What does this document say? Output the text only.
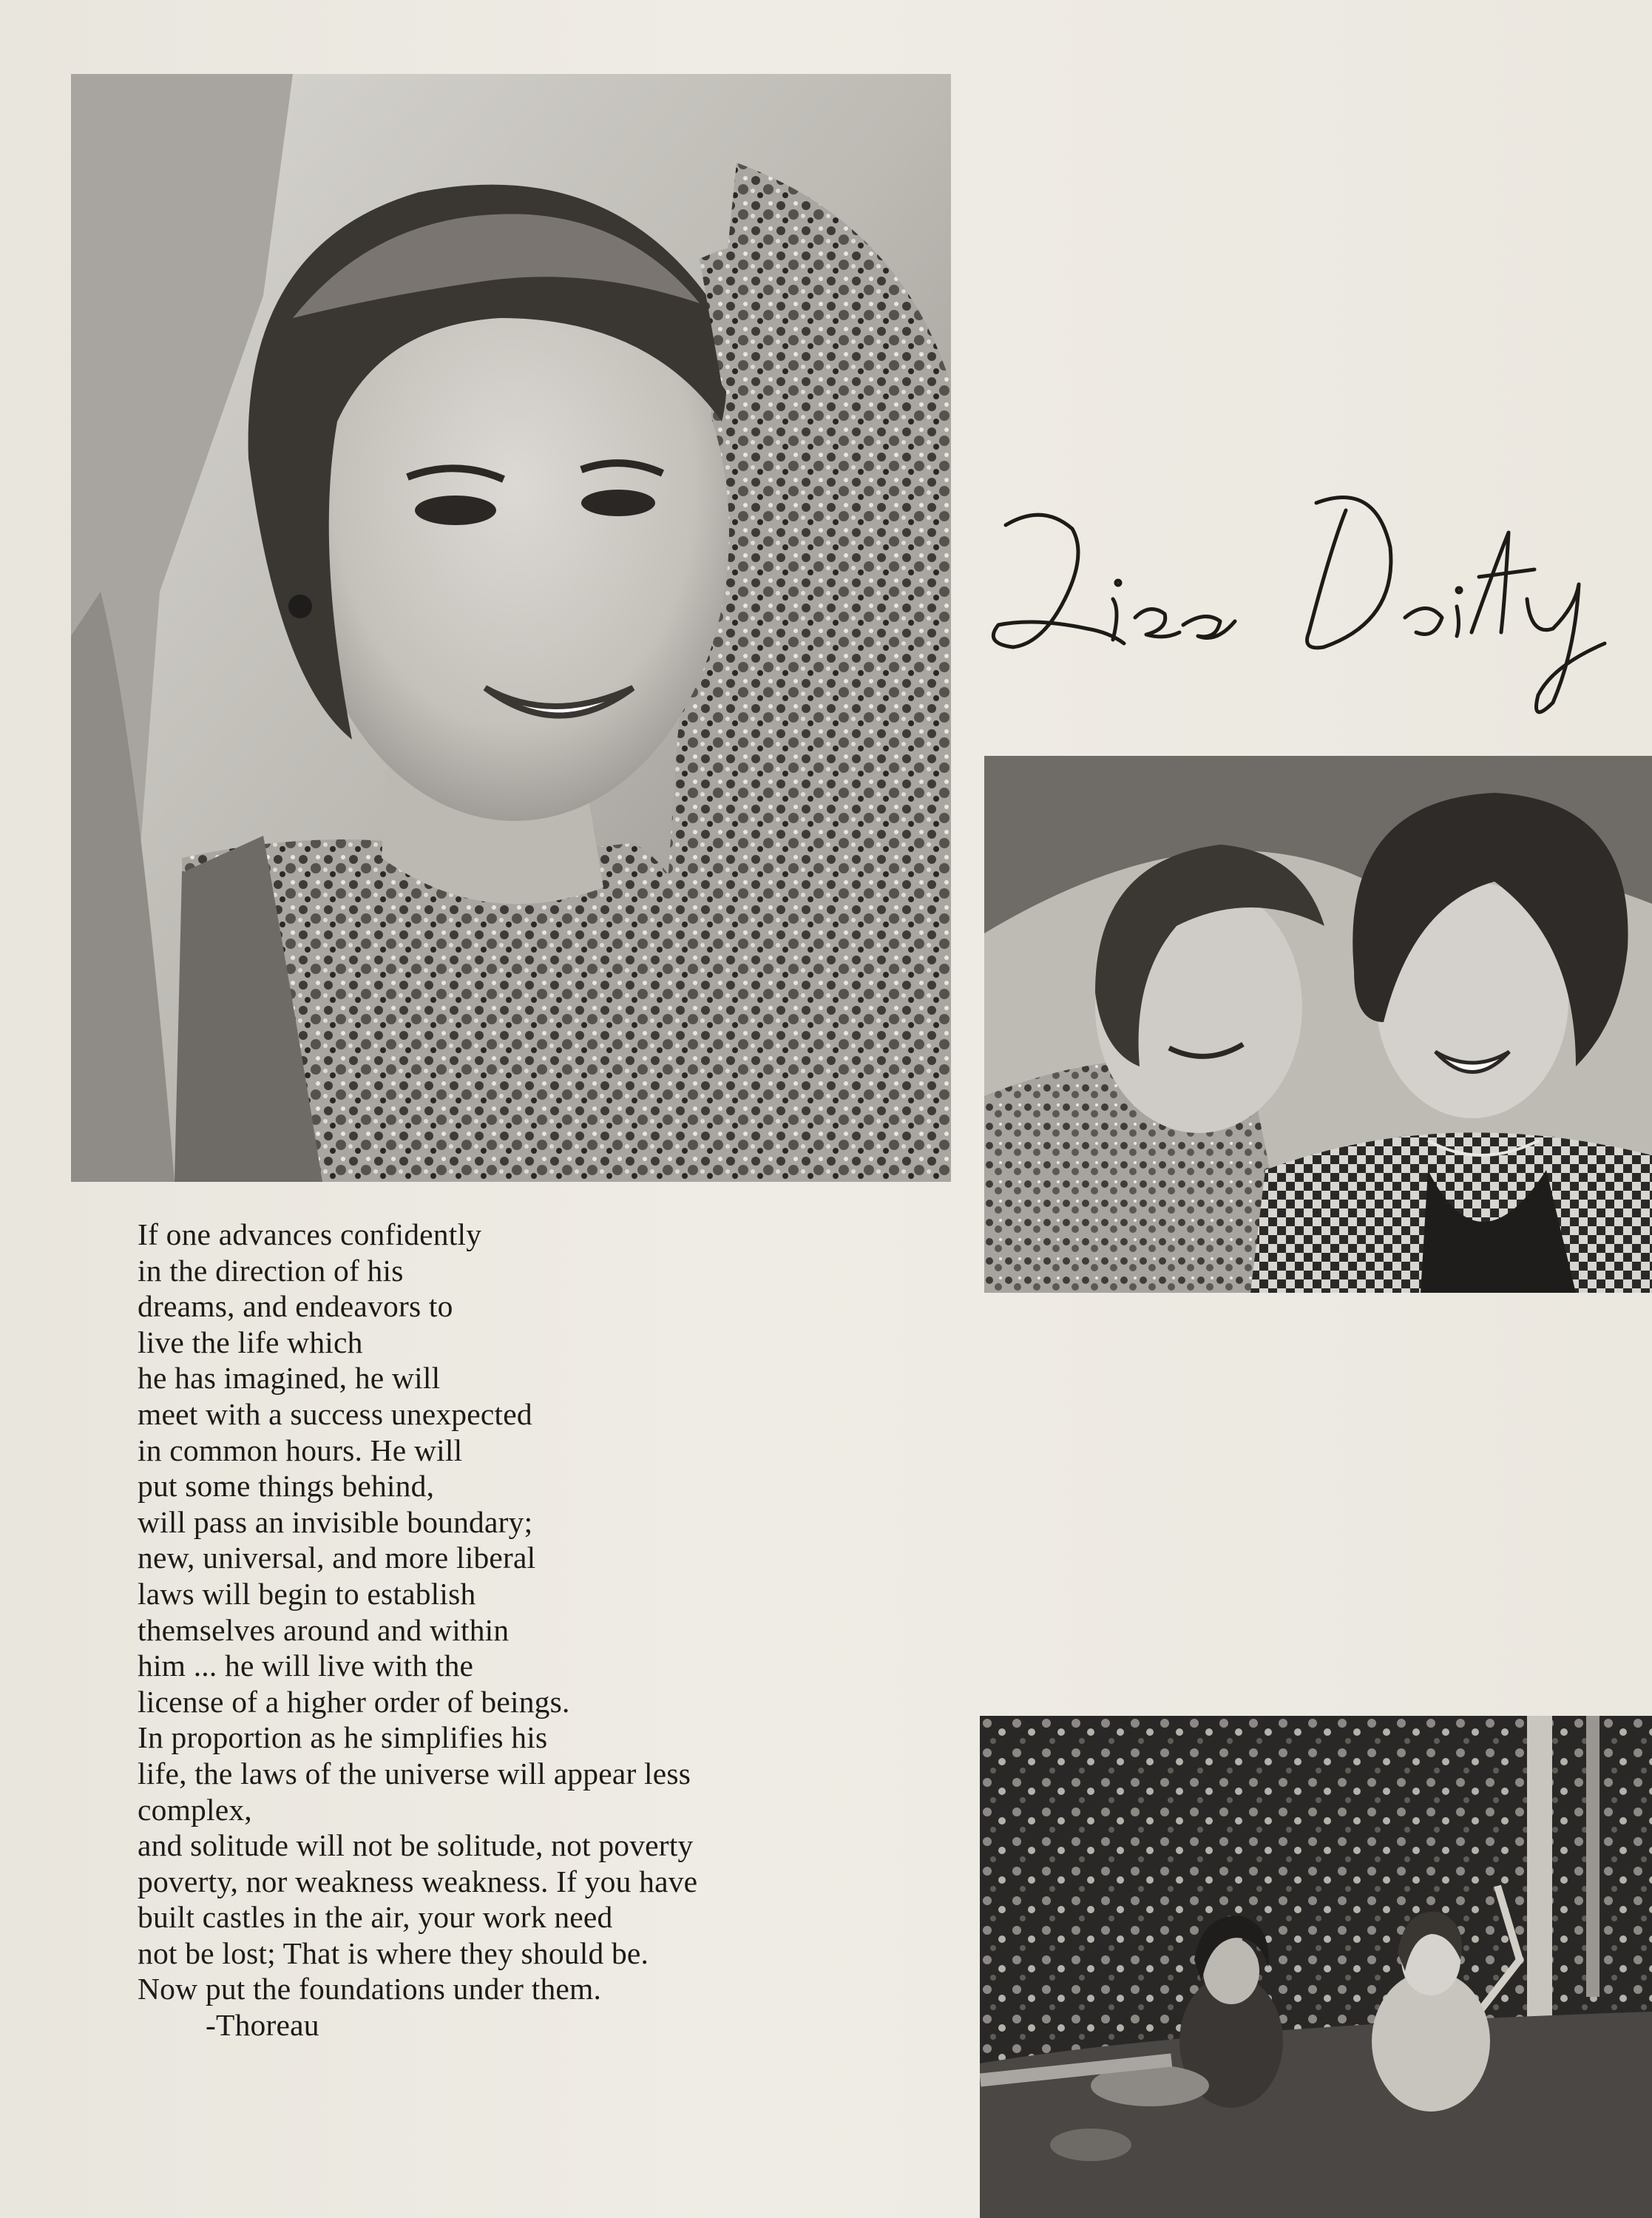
If one advances confidently
in the direction of his
dreams, and endeavors to
live the life which
he has imagined, he will
meet with a success unexpected
in common hours. He will
put some things behind,
will pass an invisible boundary;
new, universal, and more liberal
laws will begin to establish
themselves around and within
him ... he will live with the
license of a higher order of beings.
In proportion as he simplifies his
life, the laws of the universe will appear less
complex,
and solitude will not be solitude, not poverty
poverty, nor weakness weakness. If you have
built castles in the air, your work need
not be lost; That is where they should be.
Now put the foundations under them.
-Thoreau
